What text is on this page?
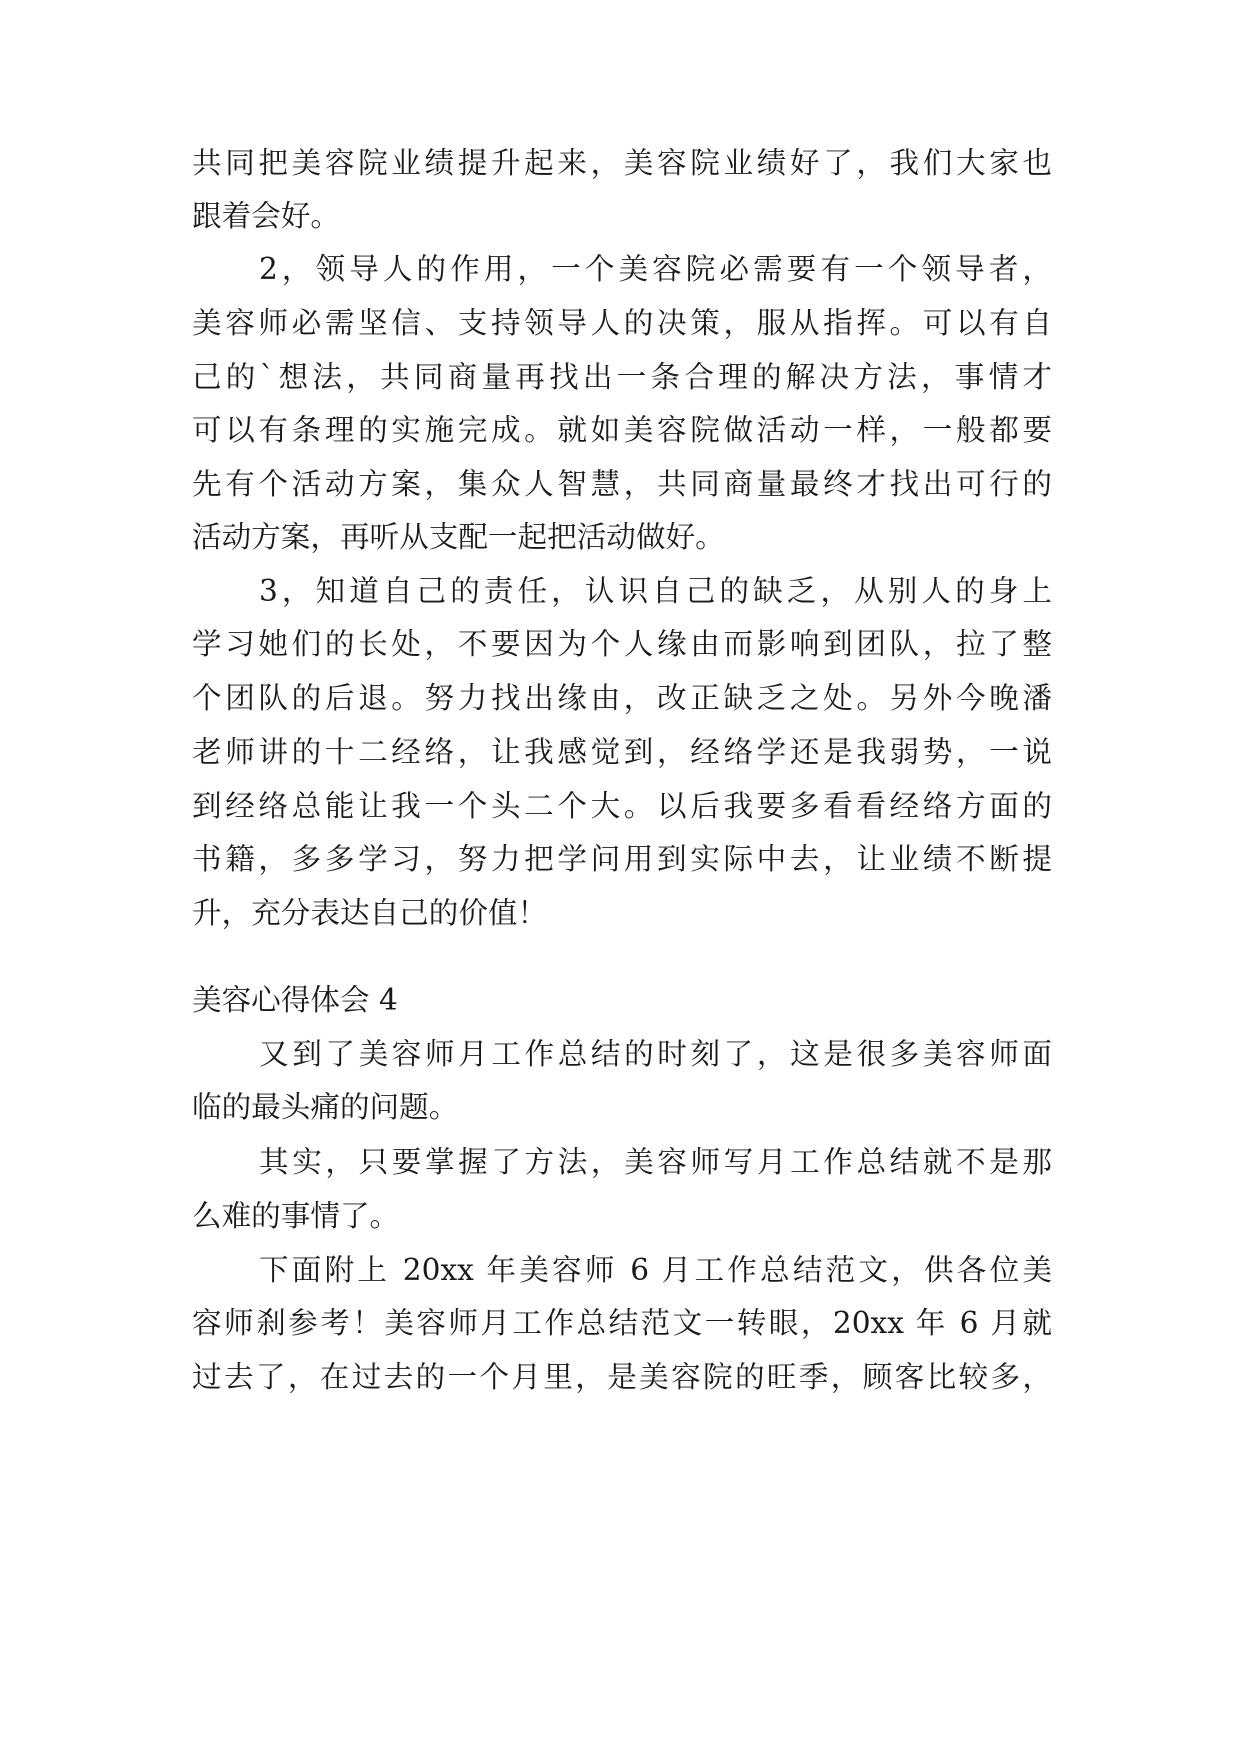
共同把美容院业绩提升起来，美容院业绩好了，我们大家也
跟着会好。
2，领导人的作用，一个美容院必需要有一个领导者，
美容师必需坚信、支持领导人的决策，服从指挥。可以有自
己的`想法，共同商量再找出一条合理的解决方法，事情才
可以有条理的实施完成。就如美容院做活动一样，一般都要
先有个活动方案，集众人智慧，共同商量最终才找出可行的
活动方案，再听从支配一起把活动做好。
3，知道自己的责任，认识自己的缺乏，从别人的身上
学习她们的长处，不要因为个人缘由而影响到团队，拉了整
个团队的后退。努力找出缘由，改正缺乏之处。另外今晚潘
老师讲的十二经络，让我感觉到，经络学还是我弱势，一说
到经络总能让我一个头二个大。以后我要多看看经络方面的
书籍，多多学习，努力把学问用到实际中去，让业绩不断提
升，充分表达自己的价值！
美容心得体会 4
又到了美容师月工作总结的时刻了，这是很多美容师面
临的最头痛的问题。
其实，只要掌握了方法，美容师写月工作总结就不是那
么难的事情了。
下面附上 20xx 年美容师 6 月工作总结范文，供各位美
容师刹参考！美容师月工作总结范文一转眼，20xx 年 6 月就
过去了，在过去的一个月里，是美容院的旺季，顾客比较多，
